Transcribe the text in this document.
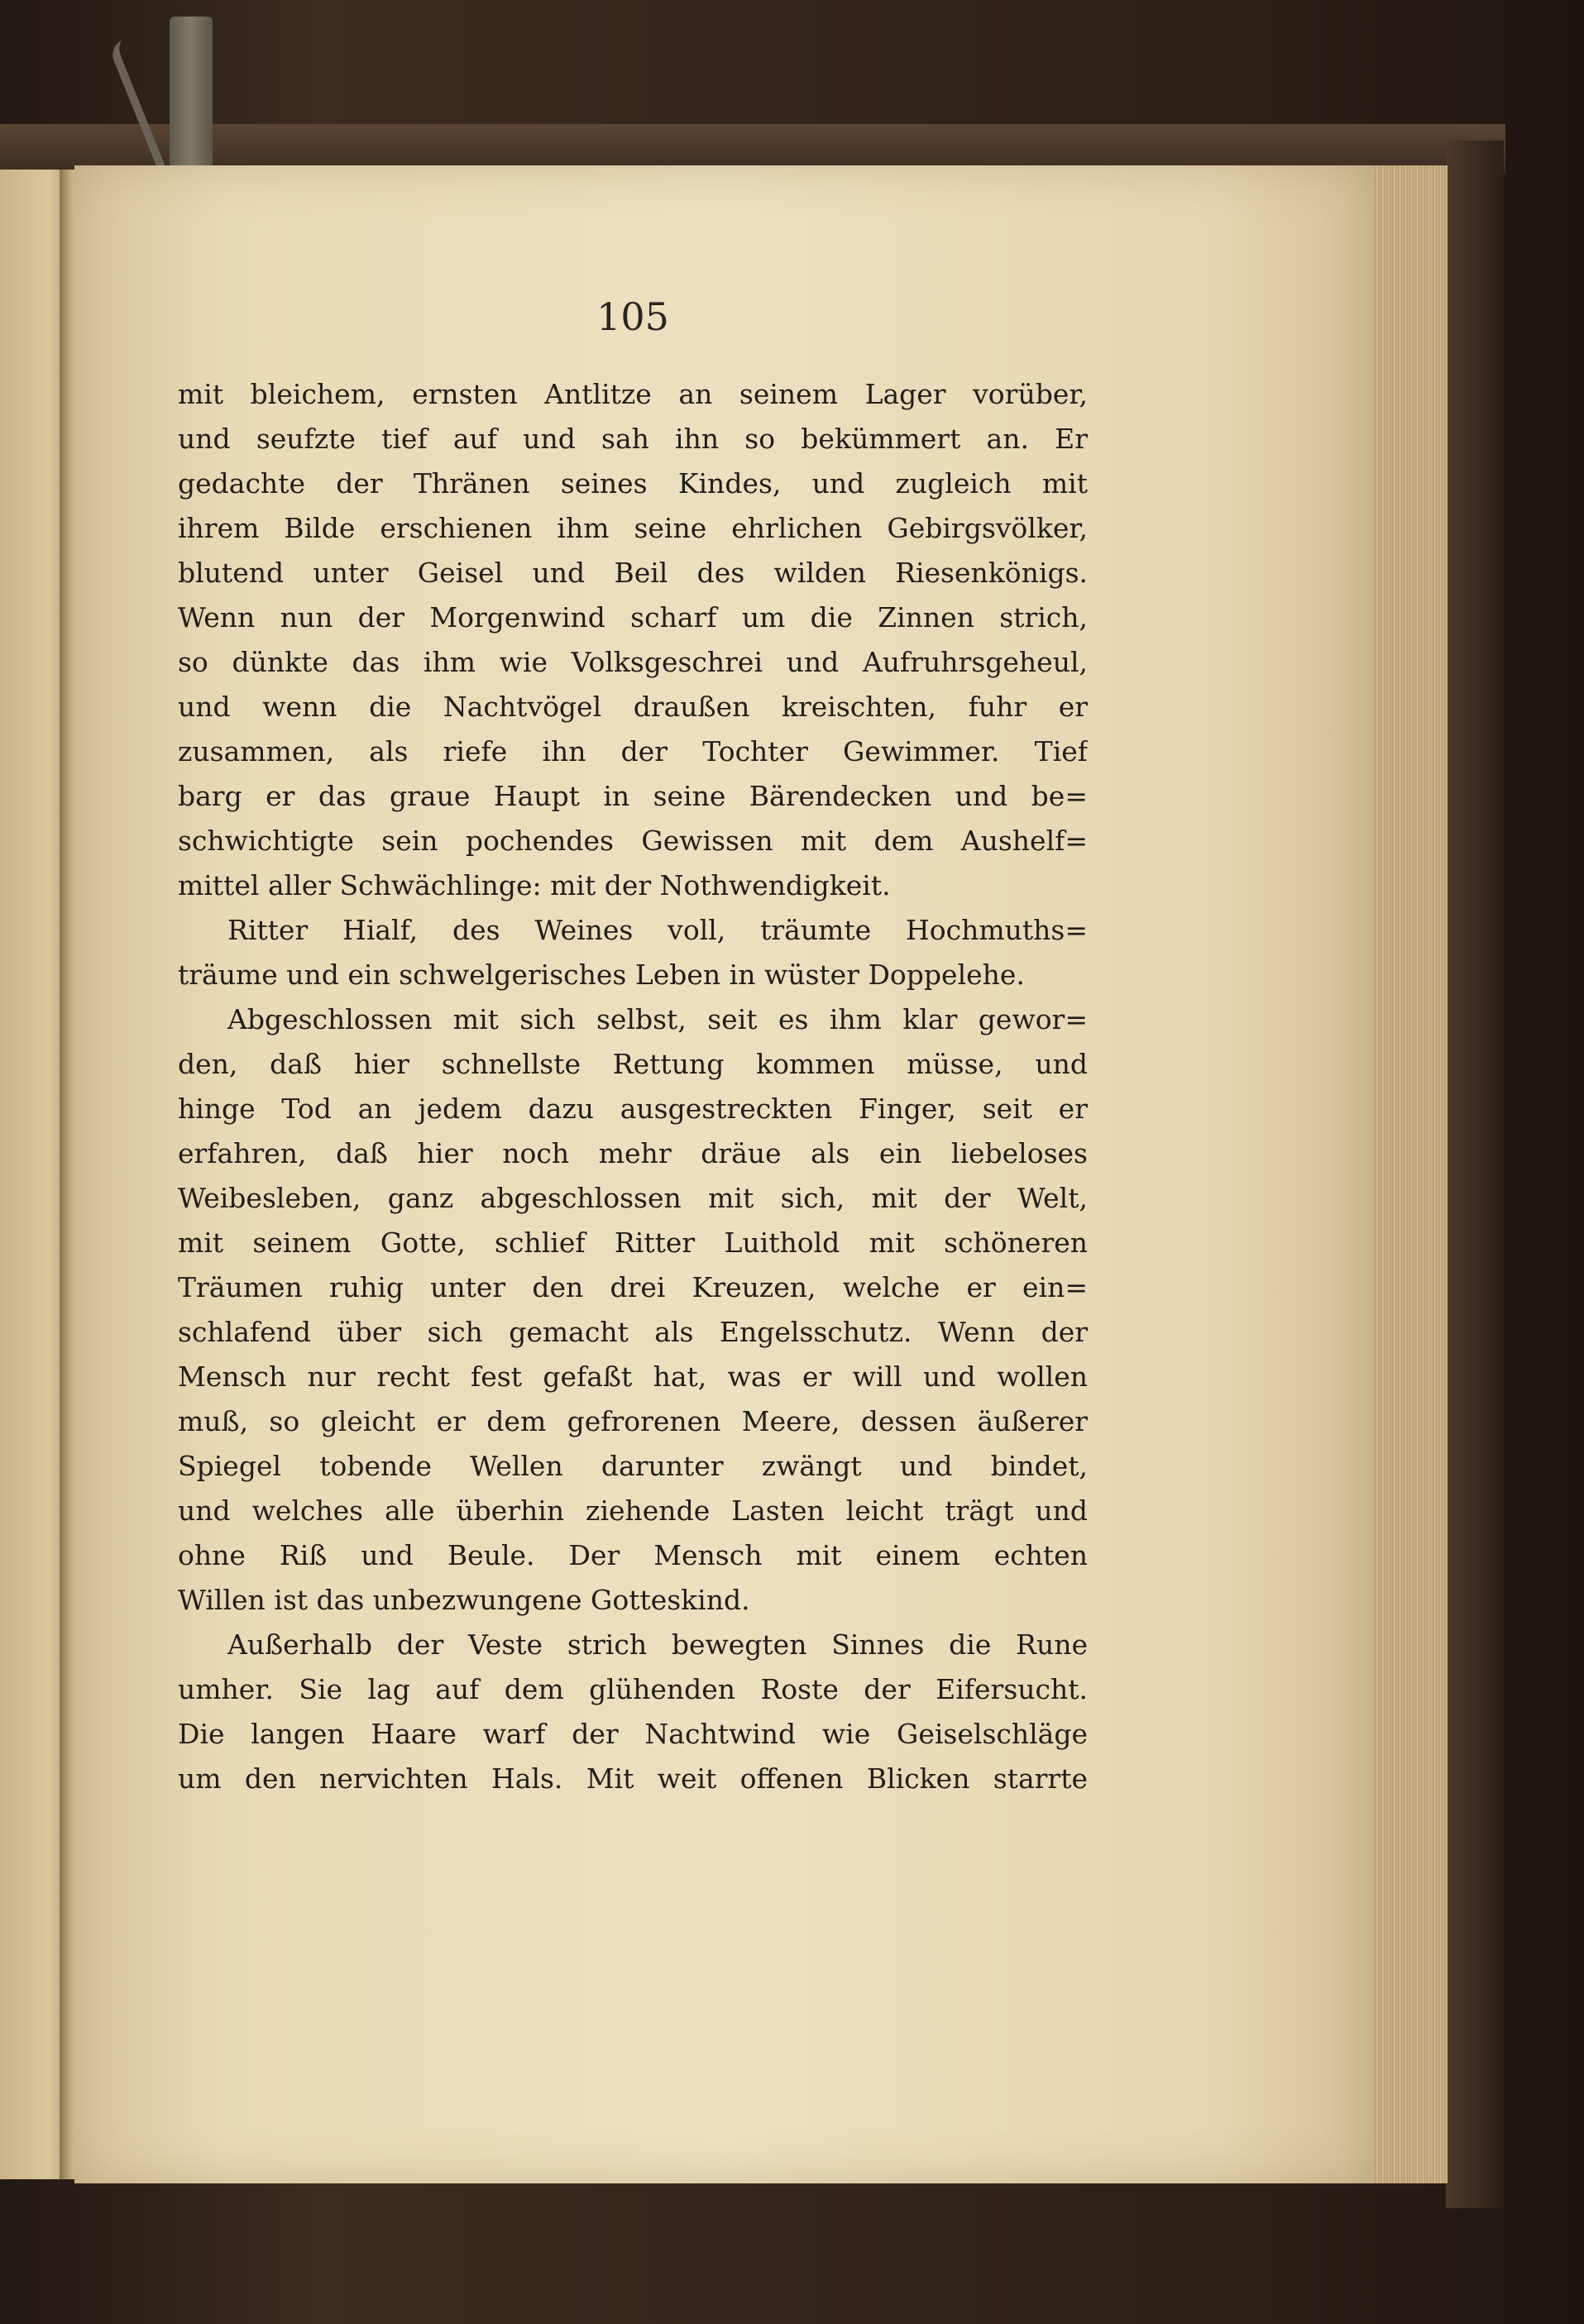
105
mit bleichem, ernsten Antlitze an seinem Lager vorüber,
und seufzte tief auf und sah ihn so bekümmert an. Er
gedachte der Thränen seines Kindes, und zugleich mit
ihrem Bilde erschienen ihm seine ehrlichen Gebirgsvölker,
blutend unter Geisel und Beil des wilden Riesenkönigs.
Wenn nun der Morgenwind scharf um die Zinnen strich,
so dünkte das ihm wie Volksgeschrei und Aufruhrsgeheul,
und wenn die Nachtvögel draußen kreischten, fuhr er
zusammen, als riefe ihn der Tochter Gewimmer. Tief
barg er das graue Haupt in seine Bärendecken und be=
schwichtigte sein pochendes Gewissen mit dem Aushelf=
mittel aller Schwächlinge: mit der Nothwendigkeit.
Ritter Hialf, des Weines voll, träumte Hochmuths=
träume und ein schwelgerisches Leben in wüster Doppelehe.
Abgeschlossen mit sich selbst, seit es ihm klar gewor=
den, daß hier schnellste Rettung kommen müsse, und
hinge Tod an jedem dazu ausgestreckten Finger, seit er
erfahren, daß hier noch mehr dräue als ein liebeloses
Weibesleben, ganz abgeschlossen mit sich, mit der Welt,
mit seinem Gotte, schlief Ritter Luithold mit schöneren
Träumen ruhig unter den drei Kreuzen, welche er ein=
schlafend über sich gemacht als Engelsschutz. Wenn der
Mensch nur recht fest gefaßt hat, was er will und wollen
muß, so gleicht er dem gefrorenen Meere, dessen äußerer
Spiegel tobende Wellen darunter zwängt und bindet,
und welches alle überhin ziehende Lasten leicht trägt und
ohne Riß und Beule. Der Mensch mit einem echten
Willen ist das unbezwungene Gotteskind.
Außerhalb der Veste strich bewegten Sinnes die Rune
umher. Sie lag auf dem glühenden Roste der Eifersucht.
Die langen Haare warf der Nachtwind wie Geiselschläge
um den nervichten Hals. Mit weit offenen Blicken starrte
